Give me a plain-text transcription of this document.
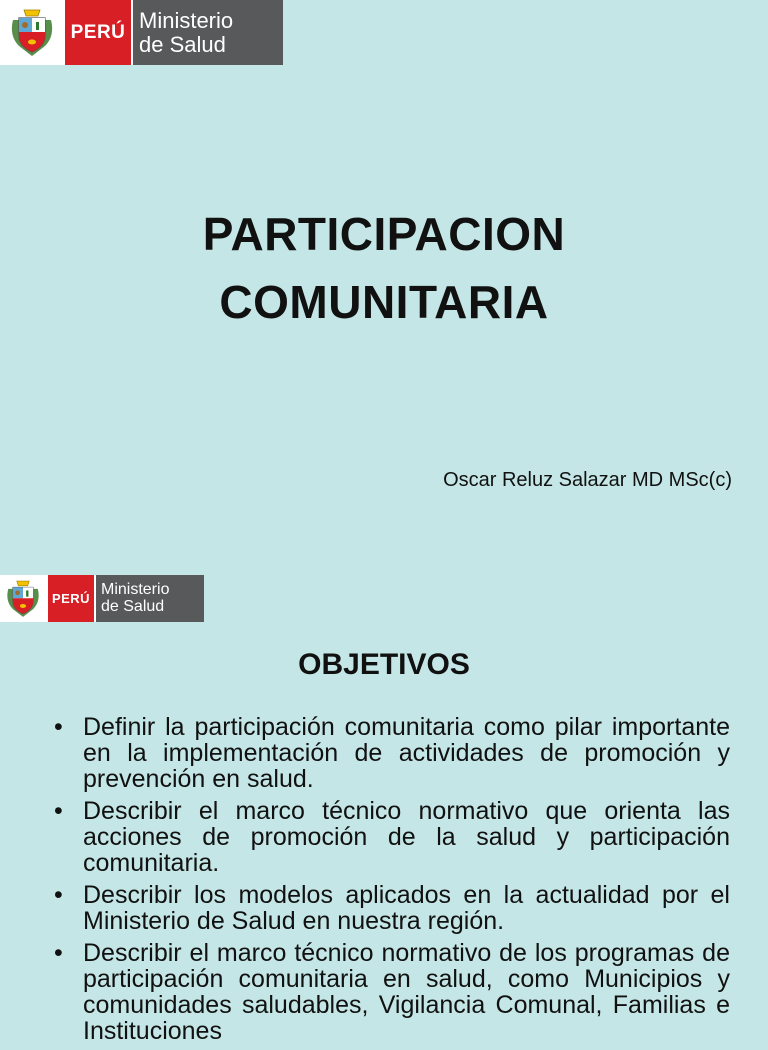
PERÚ Ministerio
de Salud
PARTICIPACION
COMUNITARIA

Oscar Reluz Salazar MD MSc(c)

PERÚ
Ministerio
de Salud
OBJETIVOS
• Definir la participación comunitaria como pilar importante en la implementación de actividades de promoción y prevención en salud.
• Describir el marco técnico normativo que orienta las acciones de promoción de la salud y participación comunitaria.
• Describir los modelos aplicados en la actualidad por el Ministerio de Salud en nuestra región.
• Describir el marco técnico normativo de los programas de participación comunitaria en salud, como Municipios y comunidades saludables, Vigilancia Comunal, Familias e Instituciones
